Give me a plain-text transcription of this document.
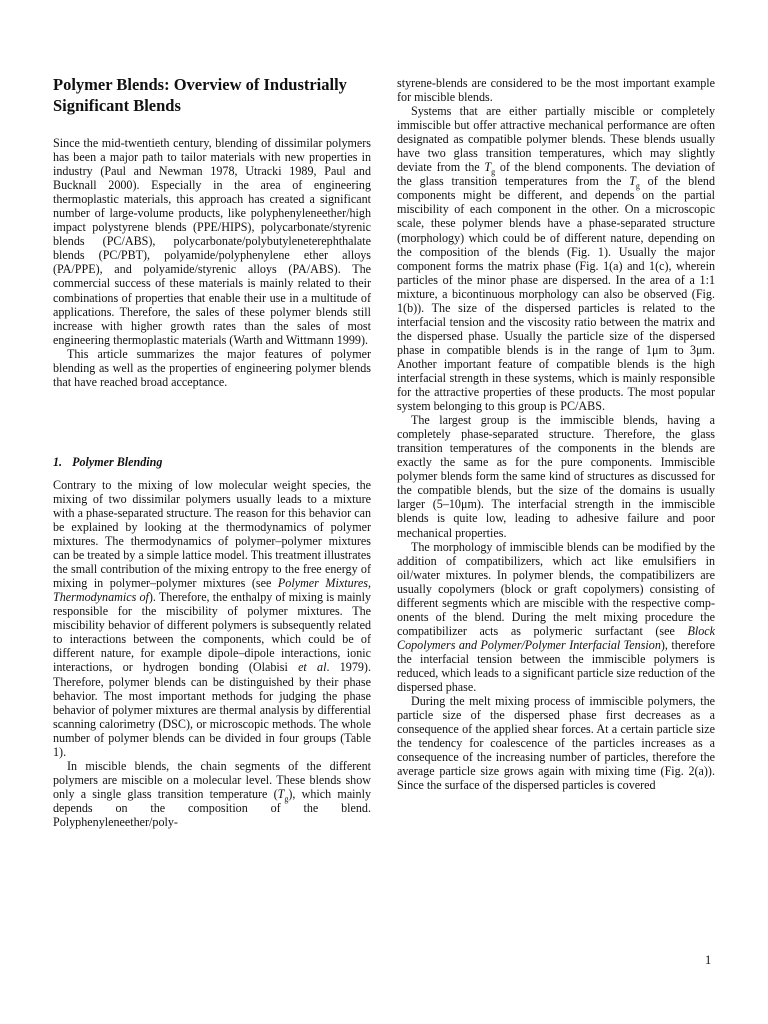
Polymer Blends: Overview of Industrially Significant Blends

Since the mid-twentieth century, blending of dissimilar polymers has been a major path to tailor materials with new properties in industry (Paul and Newman 1978, Utracki 1989, Paul and Bucknall 2000). Especially in the area of engineering thermoplastic materials, this approach has created a significant number of large-volume products, like polyphenyleneether/high impact polystyrene blends (PPE/HIPS), polycarbonate/styrenic blends (PC/ABS), polycarbonate/polybutyleneterephthalate blends (PC/PBT), polyamide/polyphenylene ether alloys (PA/PPE), and polyamide/styrenic alloys (PA/ABS). The commercial success of these materials is mainly related to their combinations of properties that enable their use in a multitude of applications. Therefore, the sales of these polymer blends still increase with higher growth rates than the sales of most engineering thermoplastic materials (Warth and Wittmann 1999).

This article summarizes the major features of polymer blending as well as the properties of engineering polymer blends that have reached broad acceptance.

1. Polymer Blending

Contrary to the mixing of low molecular weight species, the mixing of two dissimilar polymers usually leads to a mixture with a phase-separated structure. The reason for this behavior can be explained by looking at the thermodynamics of polymer mixtures. The thermodynamics of polymer–polymer mixtures can be treated by a simple lattice model. This treatment illustrates the small contribution of the mixing entropy to the free energy of mixing in polymer–polymer mixtures (see Polymer Mixtures, Thermodynamics of). Therefore, the enthalpy of mixing is mainly responsible for the miscibility of polymer mixtures. The miscibility behavior of different polymers is subsequently related to interactions between the components, which could be of different nature, for example dipole–dipole interactions, ionic interactions, or hydrogen bonding (Olabisi et al. 1979). Therefore, polymer blends can be distinguished by their phase behavior. The most important methods for judging the phase behavior of polymer mixtures are thermal analysis by differential scanning calorimetry (DSC), or microscopic methods. The whole number of polymer blends can be divided in four groups (Table 1).

In miscible blends, the chain segments of the different polymers are miscible on a molecular level. These blends show only a single glass transition temperature $(T_g)$, which mainly depends on the composition of the blend. Polyphenyleneether/poly-

styrene-blends are considered to be the most important example for miscible blends.

Systems that are either partially miscible or completely immiscible but offer attractive mechanical performance are often designated as compatible polymer blends. These blends usually have two glass transition temperatures, which may slightly deviate from the $T_g$ of the blend components. The deviation of the glass transition temperatures from the $T_g$ of the blend components might be different, and depends on the partial miscibility of each component in the other. On a microscopic scale, these polymer blends have a phase-separated structure (morphology) which could be of different nature, depending on the composition of the blends (Fig. 1). Usually the major component forms the matrix phase (Fig. 1(a) and 1(c), wherein particles of the minor phase are dispersed. In the area of a 1:1 mixture, a bicontinuous morphology can also be observed (Fig. 1(b)). The size of the dispersed particles is related to the interfacial tension and the viscosity ratio between the matrix and the dispersed phase. Usually the particle size of the dispersed phase in compatible blends is in the range of 1μm to 3μm. Another important feature of compatible blends is the high interfacial strength in these systems, which is mainly responsible for the attractive properties of these products. The most popular system belonging to this group is PC/ABS.

The largest group is the immiscible blends, having a completely phase-separated structure. Therefore, the glass transition temperatures of the components in the blends are exactly the same as for the pure components. Immiscible polymer blends form the same kind of structures as discussed for the compatible blends, but the size of the domains is usually larger (5–10μm). The interfacial strength in the immiscible blends is quite low, leading to adhesive failure and poor mechanical properties.

The morphology of immiscible blends can be modified by the addition of compatibilizers, which act like emulsifiers in oil/water mixtures. In polymer blends, the compatibilizers are usually copolymers (block or graft copolymers) consisting of different segments which are miscible with the respective components of the blend. During the melt mixing procedure the compatibilizer acts as polymeric surfactant (see Block Copolymers and Polymer/Polymer Interfacial Tension), therefore the interfacial tension between the immiscible polymers is reduced, which leads to a significant particle size reduction of the dispersed phase.

During the melt mixing process of immiscible polymers, the particle size of the dispersed phase first decreases as a consequence of the applied shear forces. At a certain particle size the tendency for coalescence of the particles increases as a consequence of the increasing number of particles, therefore the average particle size grows again with mixing time (Fig. 2(a)). Since the surface of the dispersed particles is covered

1
